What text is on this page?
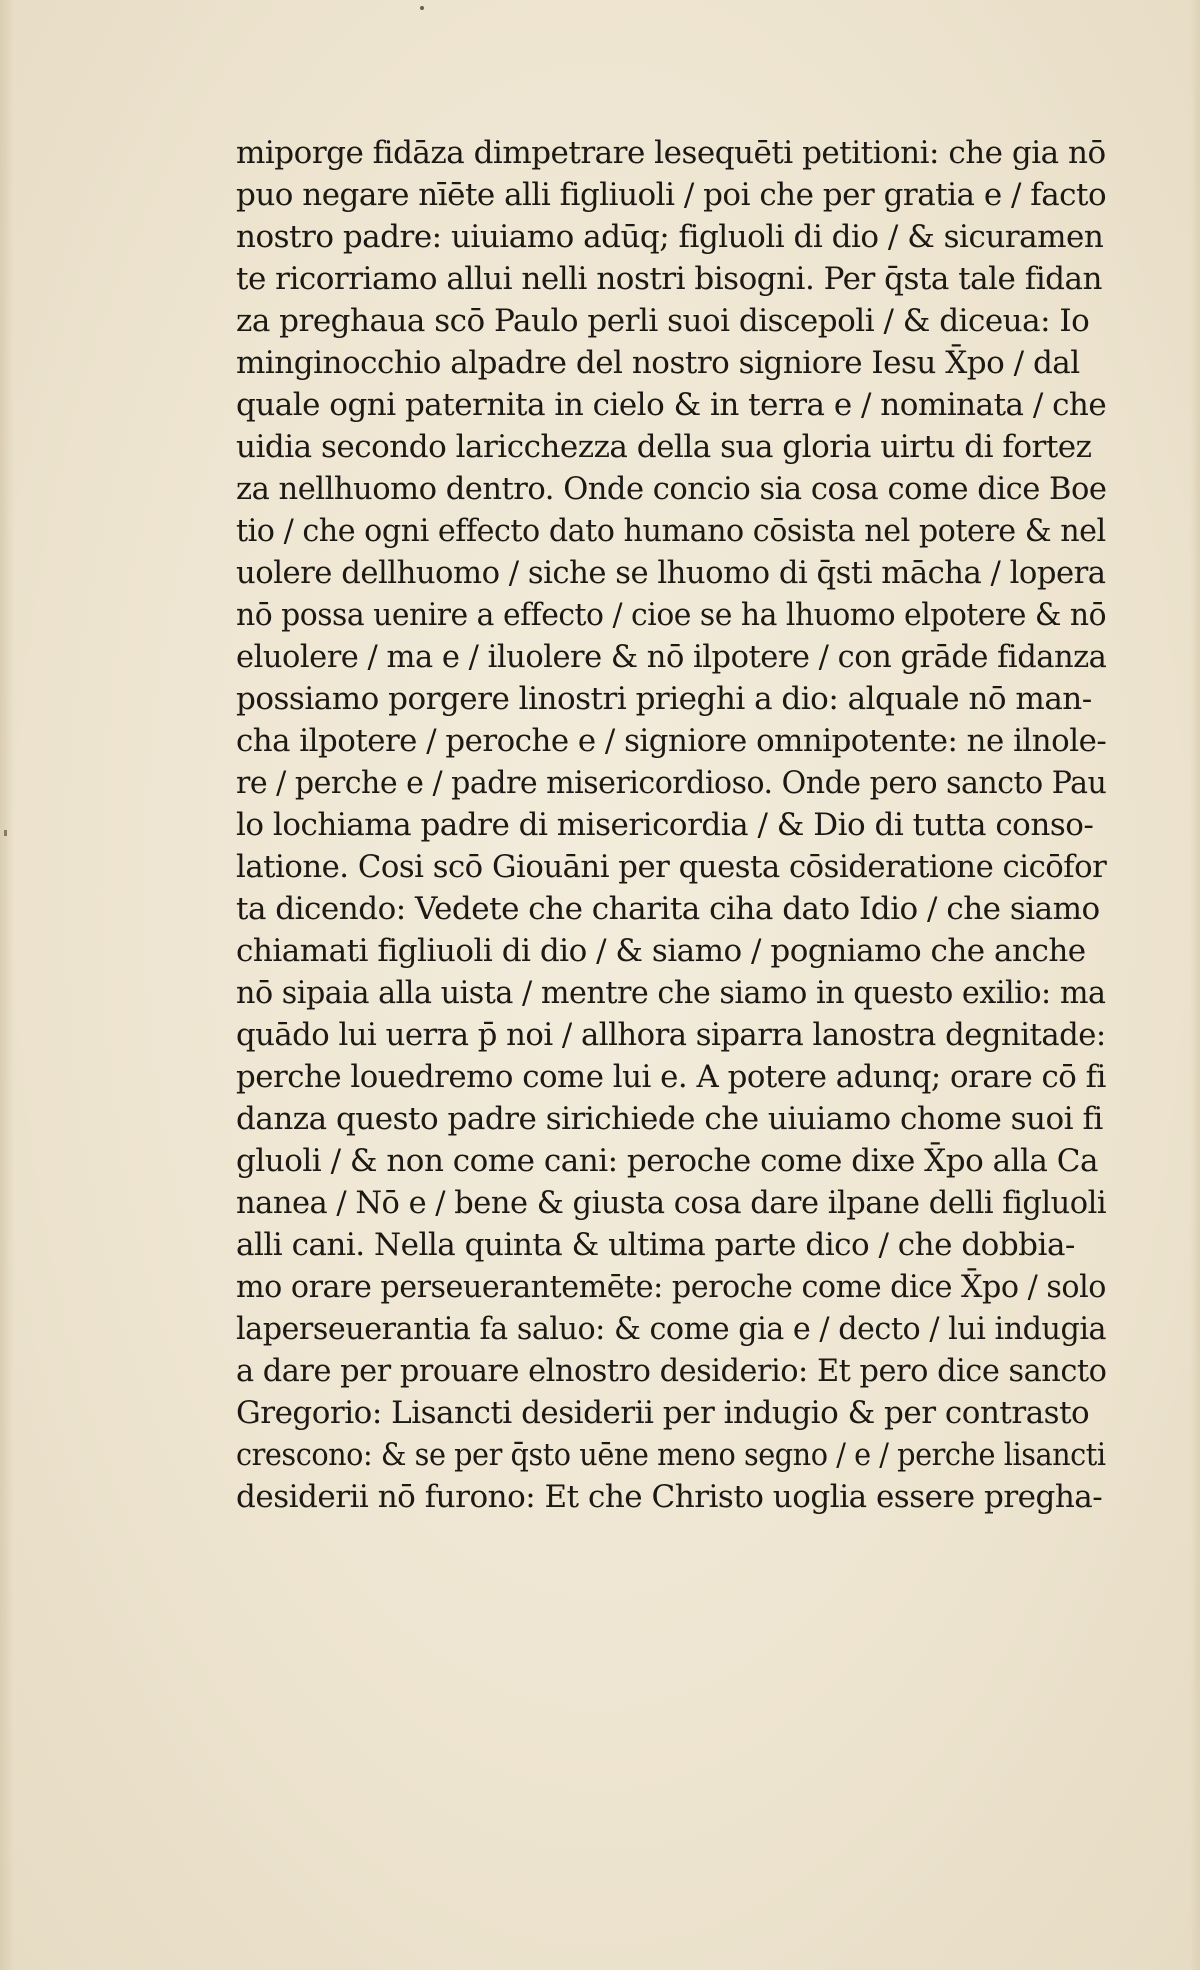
miporge fidāza dimpetrare lesequēti petitioni: che gia nō
puo negare nīēte alli figliuoli / poi che per gratia e / facto
nostro padre: uiuiamo adūq; figluoli di dio / & sicuramen
te ricorriamo allui nelli nostri bisogni. Per q̄sta tale fidan
za preghaua scō Paulo perli suoi discepoli / & diceua: Io
minginocchio alpadre del nostro signiore Iesu X̄po / dal
quale ogni paternita in cielo & in terra e / nominata / che
uidia secondo laricchezza della sua gloria uirtu di fortez
za nellhuomo dentro. Onde concio sia cosa come dice Boe
tio / che ogni effecto dato humano cōsista nel potere & nel
uolere dellhuomo / siche se lhuomo di q̄sti mācha / lopera
nō possa uenire a effecto / cioe se ha lhuomo elpotere & nō
eluolere / ma e / iluolere & nō ilpotere / con grāde fidanza
possiamo porgere linostri prieghi a dio: alquale nō man-
cha ilpotere / perochе e / signiore omnipotente: ne ilnole-
re / perche e / padre misericordioso. Onde pero sancto Pau
lo lochiama padre di misericordia / & Dio di tutta conso-
latione. Cosi scō Giouāni per questa cōsideratione cicōfor
ta dicendo: Vedete che charita ciha dato Idio / che siamo
chiamati figliuoli di dio / & siamo / pogniamo che anche
nō sipaia alla uista / mentre che siamo in questo exilio: ma
quādo lui uerra p̄ noi / allhora siparra lanostra degnitade:
perche louedremo come lui e. A potere adunq; orare cō fi
danza questo padre sirichiede che uiuiamo chome suoi fi
gluoli / & non come cani: perochе come dixe X̄po alla Ca
nanea / Nō e / bene & giusta cosa dare ilpane delli figluoli
alli cani. Nella quinta & ultima parte dico / che dobbia-
mo orare perseuerantemēte: perochе come dice X̄po / solo
laperseuerantia fa saluo: & come gia e / decto / lui indugia
a dare per prouare elnostro desiderio: Et pero dice sancto
Gregorio: Lisancti desiderii per indugio & per contrasto
crescono: & se per q̄sto uēne meno segno / e / perche lisancti
desiderii nō furono: Et che Christo uoglia essere pregha-
